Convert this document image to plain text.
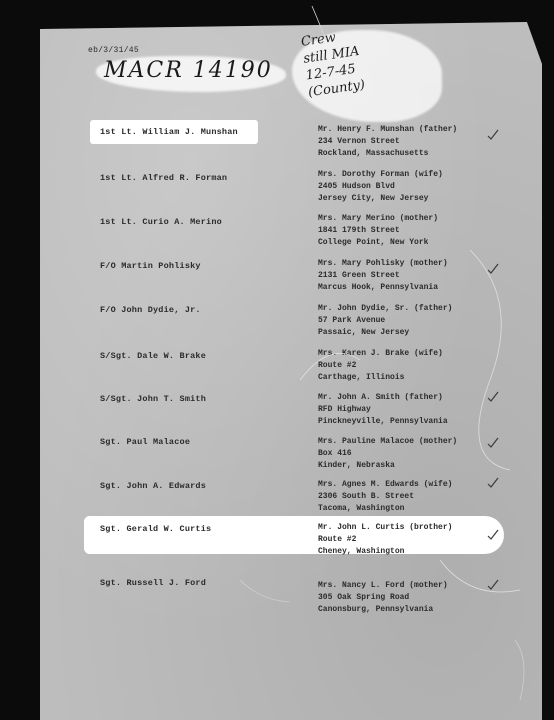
eb/3/31/45
MACR 14190
Crew
still MIA
12-7-45
(County)
1st Lt. William J. Munshan	Mr. Henry F. Munshan (father)
234 Vernon Street
Rockland, Massachusetts
1st Lt. Alfred R. Forman	Mrs. Dorothy Forman (wife)
2405 Hudson Blvd
Jersey City, New Jersey
1st Lt. Curio A. Merino	Mrs. Mary Merino (mother)
1841 179th Street
College Point, New York
F/O Martin Pohlisky	Mrs. Mary Pohlisky (mother)
2131 Green Street
Marcus Hook, Pennsylvania
F/O John Dydie, Jr.	Mr. John Dydie, Sr. (father)
57 Park Avenue
Passaic, New Jersey
S/Sgt. Dale W. Brake	Mrs. Karen J. Brake (wife)
Route #2
Carthage, Illinois
S/Sgt. John T. Smith	Mr. John A. Smith (father)
RFD Highway
Pinckneyville, Pennsylvania
Sgt. Paul Malacoe	Mrs. Pauline Malacoe (mother)
Box 416
Kinder, Nebraska
Sgt. John A. Edwards	Mrs. Agnes M. Edwards (wife)
2306 South B. Street
Tacoma, Washington
Sgt. Gerald W. Curtis	Mr. John L. Curtis (brother)
Route #2
Cheney, Washington
Sgt. Russell J. Ford	Mrs. Nancy L. Ford (mother)
305 Oak Spring Road
Canonsburg, Pennsylvania
